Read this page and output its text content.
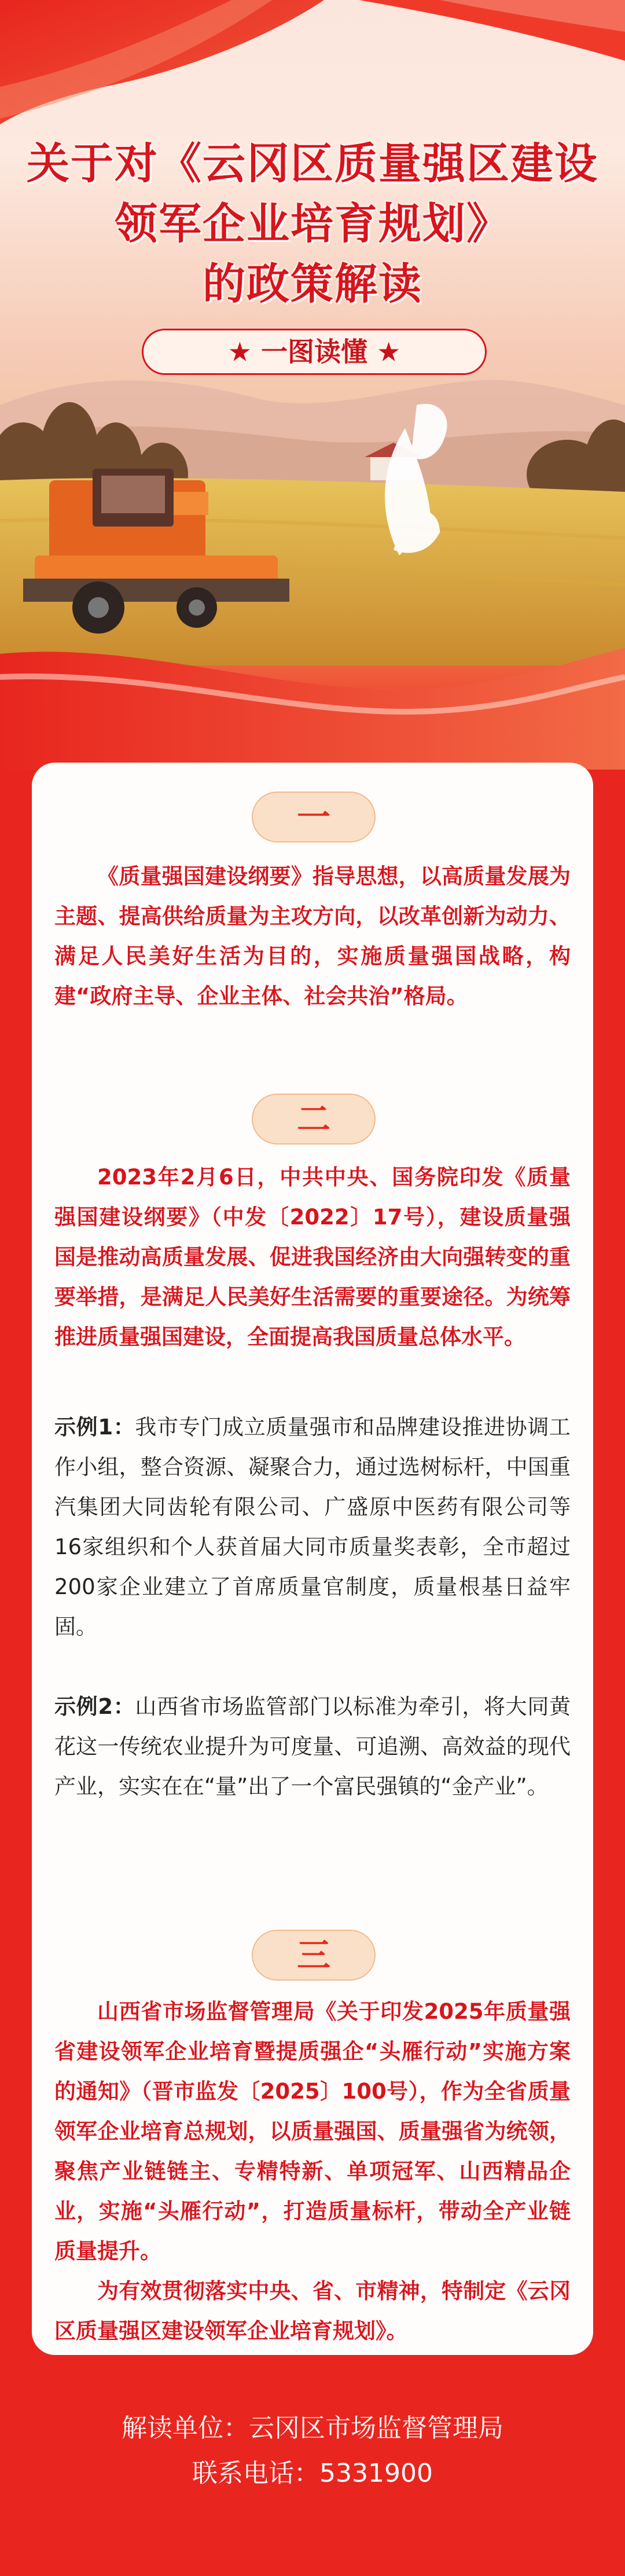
关于对《云冈区质量强区建设
领军企业培育规划》
的政策解读
★ 一图读懂 ★
一
《质量强国建设纲要》指导思想，以高质量发展为主题、提高供给质量为主攻方向，以改革创新为动力、满足人民美好生活为目的，实施质量强国战略，构建“政府主导、企业主体、社会共治”格局。
二
2023年2月6日，中共中央、国务院印发《质量强国建设纲要》（中发〔2022〕17号），建设质量强国是推动高质量发展、促进我国经济由大向强转变的重要举措，是满足人民美好生活需要的重要途径。为统筹推进质量强国建设，全面提高我国质量总体水平。
示例1：我市专门成立质量强市和品牌建设推进协调工作小组，整合资源、凝聚合力，通过选树标杆，中国重汽集团大同齿轮有限公司、广盛原中医药有限公司等16家组织和个人获首届大同市质量奖表彰，全市超过200家企业建立了首席质量官制度，质量根基日益牢固。
示例2：山西省市场监管部门以标准为牵引，将大同黄花这一传统农业提升为可度量、可追溯、高效益的现代产业，实实在在“量”出了一个富民强镇的“金产业”。
三
山西省市场监督管理局《关于印发2025年质量强省建设领军企业培育暨提质强企“头雁行动”实施方案的通知》（晋市监发〔2025〕100号），作为全省质量领军企业培育总规划，以质量强国、质量强省为统领，聚焦产业链链主、专精特新、单项冠军、山西精品企业，实施“头雁行动”，打造质量标杆，带动全产业链质量提升。
为有效贯彻落实中央、省、市精神，特制定《云冈区质量强区建设领军企业培育规划》。
解读单位：云冈区市场监督管理局
联系电话：5331900
